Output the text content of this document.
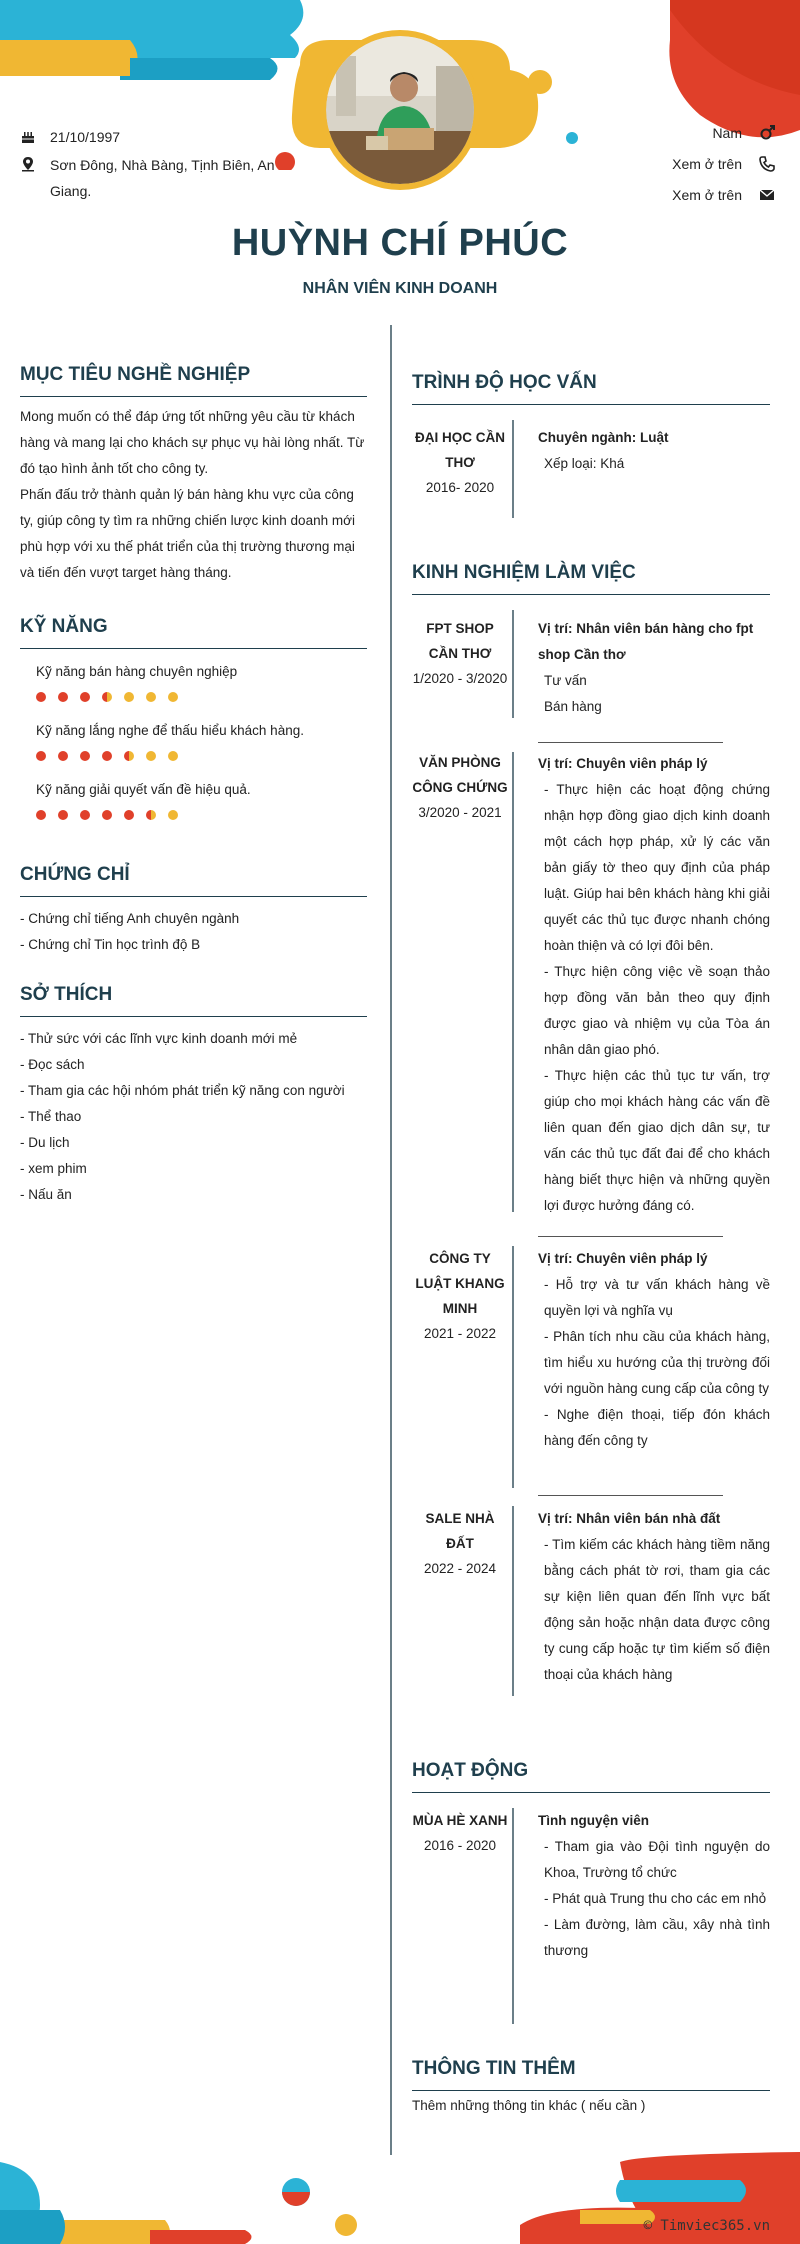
21/10/1997
Sơn Đông, Nhà Bàng, Tịnh Biên, An Giang.
Nam
Xem ở trên
Xem ở trên
HUỲNH CHÍ PHÚC
NHÂN VIÊN KINH DOANH
MỤC TIÊU NGHỀ NGHIỆP
Mong muốn có thể đáp ứng tốt những yêu cầu từ khách hàng và mang lại cho khách sự phục vụ hài lòng nhất. Từ đó tạo hình ảnh tốt cho công ty.
Phấn đấu trở thành quản lý bán hàng khu vực của công ty, giúp công ty tìm ra những chiến lược kinh doanh mới phù hợp với xu thế phát triển của thị trường thương mại và tiến đến vượt target hàng tháng.
KỸ NĂNG
Kỹ năng bán hàng chuyên nghiệp
Kỹ năng lắng nghe để thấu hiểu khách hàng.
Kỹ năng giải quyết vấn đề hiệu quả.
CHỨNG CHỈ
- Chứng chỉ tiếng Anh chuyên ngành
- Chứng chỉ Tin học trình độ B
SỞ THÍCH
- Thử sức với các lĩnh vực kinh doanh mới mẻ
- Đọc sách
- Tham gia các hội nhóm phát triển kỹ năng con người
- Thể thao
- Du lịch
- xem phim
- Nấu ăn
TRÌNH ĐỘ HỌC VẤN
ĐẠI HỌC CẦN THƠ
2016- 2020
Chuyên ngành: Luật
Xếp loại: Khá
KINH NGHIỆM LÀM VIỆC
FPT SHOP CẦN THƠ
1/2020 - 3/2020
Vị trí: Nhân viên bán hàng cho fpt shop Cần thơ
Tư vấn
Bán hàng
VĂN PHÒNG CÔNG CHỨNG
3/2020 - 2021
Vị trí: Chuyên viên pháp lý
- Thực hiện các hoạt động chứng nhận hợp đồng giao dịch kinh doanh một cách hợp pháp, xử lý các văn bản giấy tờ theo quy định của pháp luật. Giúp hai bên khách hàng khi giải quyết các thủ tục được nhanh chóng hoàn thiện và có lợi đôi bên.
- Thực hiện công việc về soạn thảo hợp đồng văn bản theo quy định được giao và nhiệm vụ của Tòa án nhân dân giao phó.
- Thực hiện các thủ tục tư vấn, trợ giúp cho mọi khách hàng các vấn đề liên quan đến giao dịch dân sự, tư vấn các thủ tục đất đai để cho khách hàng biết thực hiện và những quyền lợi được hưởng đáng có.
CÔNG TY LUẬT KHANG MINH
2021 - 2022
Vị trí: Chuyên viên pháp lý
- Hỗ trợ và tư vấn khách hàng về quyền lợi và nghĩa vụ
- Phân tích nhu cầu của khách hàng, tìm hiểu xu hướng của thị trường đối với nguồn hàng cung cấp của công ty
- Nghe điện thoại, tiếp đón khách hàng đến công ty
SALE NHÀ ĐẤT
2022 - 2024
Vị trí: Nhân viên bán nhà đất
- Tìm kiếm các khách hàng tiềm năng bằng cách phát tờ rơi, tham gia các sự kiện liên quan đến lĩnh vực bất động sản hoặc nhận data được công ty cung cấp hoặc tự tìm kiếm số điện thoại của khách hàng
HOẠT ĐỘNG
MÙA HÈ XANH
2016 - 2020
Tình nguyện viên
- Tham gia vào Đội tình nguyện do Khoa, Trường tổ chức
- Phát quà Trung thu cho các em nhỏ
- Làm đường, làm cầu, xây nhà tình thương
THÔNG TIN THÊM
Thêm những thông tin khác ( nếu cần )
© Timviec365.vn
